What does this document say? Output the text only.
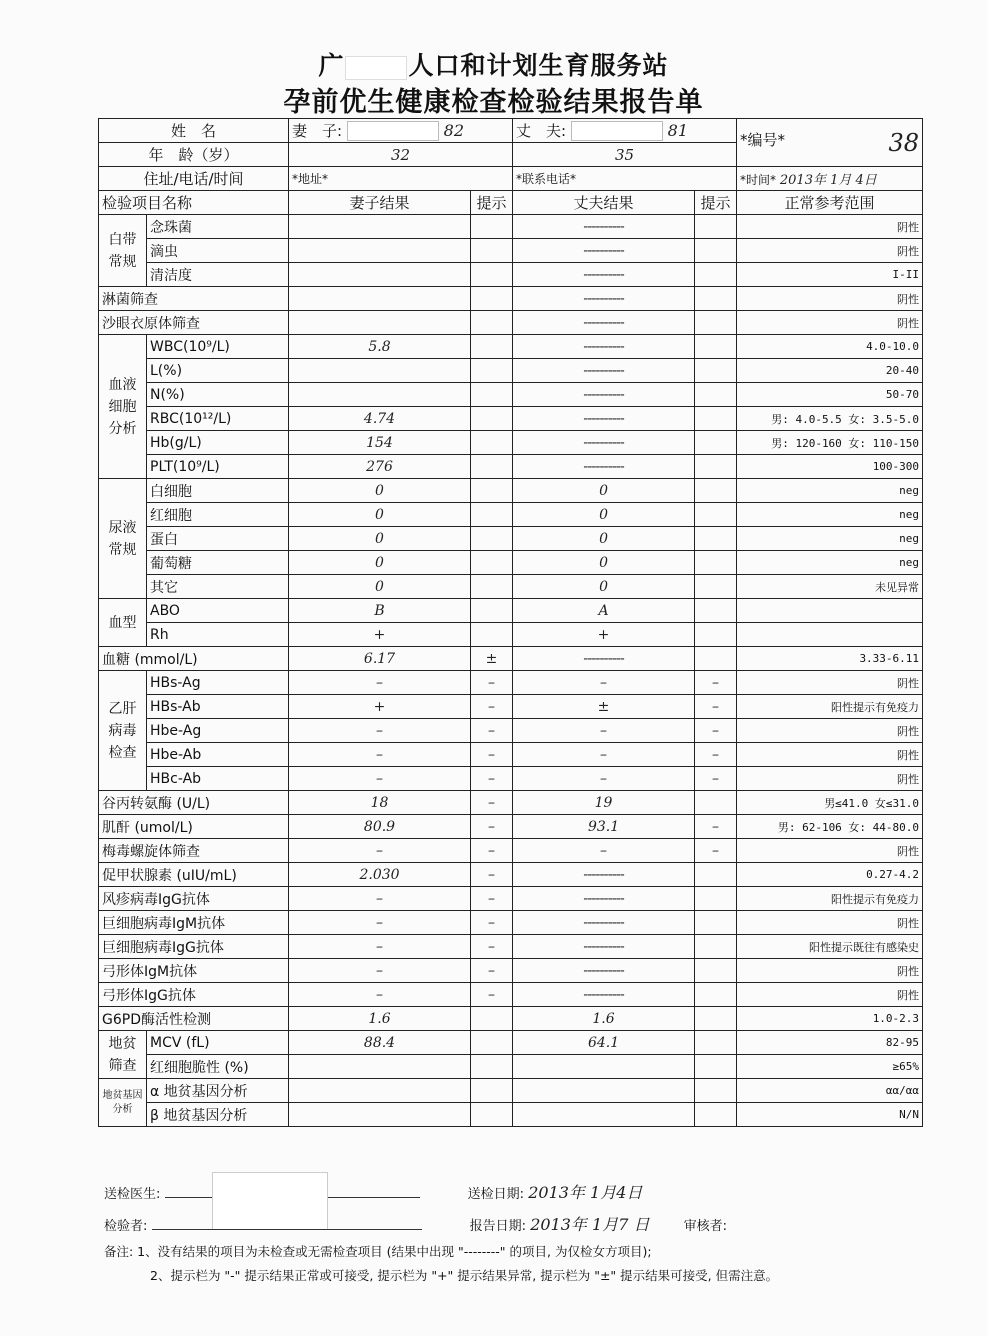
广	人口和计划生育服务站
孕前优生健康检查检验结果报告单
姓　名		妻　子: 82		丈　夫: 81		*编号* 38

年　龄（岁）		32		35		
住址/电话/时间		*地址*		*联系电话*		*时间* 2013年 1月 4日
检验项目名称		妻子结果	提示	丈夫结果	提示	正常参考范围
白带常规	念珠菌			----------		阴性
	滴虫			----------		阴性
	清洁度			----------		I-II
淋菌筛查				----------		阴性
沙眼衣原体筛查				----------		阴性
血液细胞分析	WBC(10⁹/L)	5.8		----------		4.0-10.0
	L(%)			----------		20-40
	N(%)			----------		50-70
	RBC(10¹²/L)	4.74		----------		男: 4.0-5.5 女: 3.5-5.0
	Hb(g/L)	154		----------		男: 120-160 女: 110-150
	PLT(10⁹/L)	276		----------		100-300
尿液常规	白细胞	0		0		neg
	红细胞	0		0		neg
	蛋白	0		0		neg
	葡萄糖	0		0		neg
	其它	0		0		未见异常
血型	ABO	B		A		
	Rh	+		+		
血糖 (mmol/L)		6.17	±	----------		3.33-6.11
乙肝病毒检查	HBs-Ag	–	–	–	–	阴性
	HBs-Ab	+	–	±	–	阳性提示有免疫力
	Hbe-Ag	–	–	–	–	阴性
	Hbe-Ab	–	–	–	–	阴性
	HBc-Ab	–	–	–	–	阴性
谷丙转氨酶 (U/L)		18	–	19		男≤41.0 女≤31.0
肌酐 (umol/L)		80.9	–	93.1	–	男: 62-106 女: 44-80.0
梅毒螺旋体筛查		–	–	–	–	阴性
促甲状腺素 (uIU/mL)		2.030	–	----------		0.27-4.2
风疹病毒IgG抗体		–	–	----------		阳性提示有免疫力
巨细胞病毒IgM抗体		–	–	----------		阴性
巨细胞病毒IgG抗体		–	–	----------		阳性提示既往有感染史
弓形体IgM抗体		–	–	----------		阴性
弓形体IgG抗体		–	–	----------		阴性
G6PD酶活性检测		1.6		1.6		1.0-2.3
地贫筛查	MCV (fL)	88.4		64.1		82-95
	红细胞脆性 (%)					≥65%
地贫基因分析	α 地贫基因分析					αα/αα
	β 地贫基因分析					N/N
送检医生:	送检日期: 2013年 1月4日
检验者:	报告日期: 2013年 1月7 日	审核者:
备注: 1、没有结果的项目为未检查或无需检查项目 (结果中出现 "--------" 的项目, 为仅检女方项目);
2、提示栏为 "-" 提示结果正常或可接受, 提示栏为 "+" 提示结果异常, 提示栏为 "±" 提示结果可接受, 但需注意。
